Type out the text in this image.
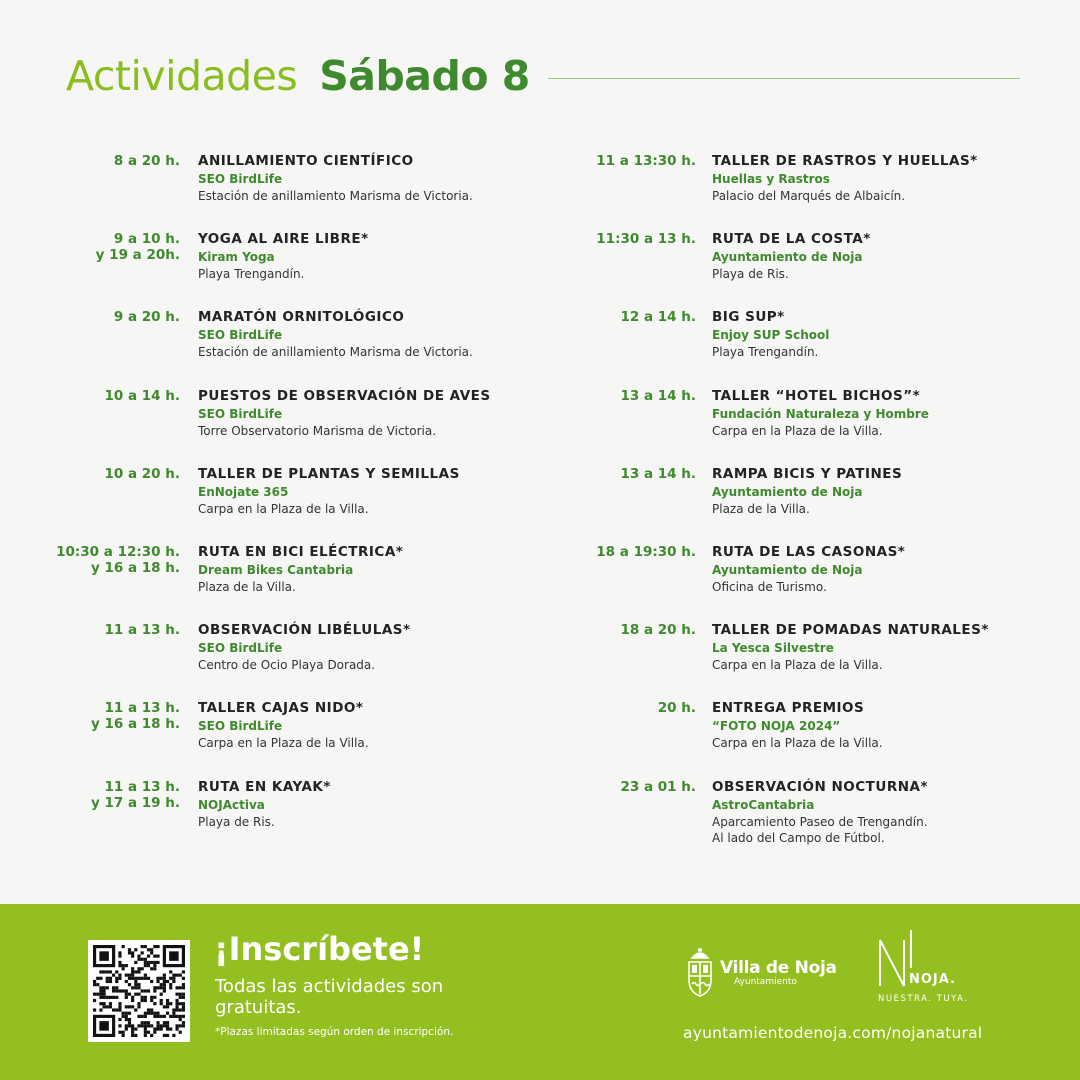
Actividades Sábado 8
8 a 20 h. ANILLAMIENTO CIENTÍFICO
SEO BirdLife
Estación de anillamiento Marisma de Victoria.
9 a 10 h.
y 19 a 20h.
YOGA AL AIRE LIBRE*
Kiram Yoga
Playa Trengandín.
9 a 20 h. MARATÓN ORNITOLÓGICO
SEO BirdLife
Estación de anillamiento Marisma de Victoria.
10 a 14 h. PUESTOS DE OBSERVACIÓN DE AVES
SEO BirdLife
Torre Observatorio Marisma de Victoria.
10 a 20 h. TALLER DE PLANTAS Y SEMILLAS
EnNojate 365
Carpa en la Plaza de la Villa.
10:30 a 12:30 h.
y 16 a 18 h.
RUTA EN BICI ELÉCTRICA*
Dream Bikes Cantabria
Plaza de la Villa.
11 a 13 h. OBSERVACIÓN LIBÉLULAS*
SEO BirdLife
Centro de Ocio Playa Dorada.
11 a 13 h.
y 16 a 18 h.
TALLER CAJAS NIDO*
SEO BirdLife
Carpa en la Plaza de la Villa.
11 a 13 h.
y 17 a 19 h.
RUTA EN KAYAK*
NOJActiva
Playa de Ris.
11 a 13:30 h. TALLER DE RASTROS Y HUELLAS*
Huellas y Rastros
Palacio del Marqués de Albaicín.
11:30 a 13 h. RUTA DE LA COSTA*
Ayuntamiento de Noja
Playa de Ris.
12 a 14 h. BIG SUP*
Enjoy SUP School
Playa Trengandín.
13 a 14 h. TALLER “HOTEL BICHOS”*
Fundación Naturaleza y Hombre
Carpa en la Plaza de la Villa.
13 a 14 h. RAMPA BICIS Y PATINES
Ayuntamiento de Noja
Plaza de la Villa.
18 a 19:30 h. RUTA DE LAS CASONAS*
Ayuntamiento de Noja
Oficina de Turismo.
18 a 20 h. TALLER DE POMADAS NATURALES*
La Yesca Silvestre
Carpa en la Plaza de la Villa.
20 h. ENTREGA PREMIOS
“FOTO NOJA 2024”
Carpa en la Plaza de la Villa.
23 a 01 h. OBSERVACIÓN NOCTURNA*
AstroCantabria
Aparcamiento Paseo de Trengandín.
Al lado del Campo de Fútbol.
¡Inscríbete!
Todas las actividades son gratuitas.
*Plazas limitadas según orden de inscripción.
Villa de Noja
Ayuntamiento	NOJA.
NUESTRA. TUYA.
ayuntamientodenoja.com/nojanatural
